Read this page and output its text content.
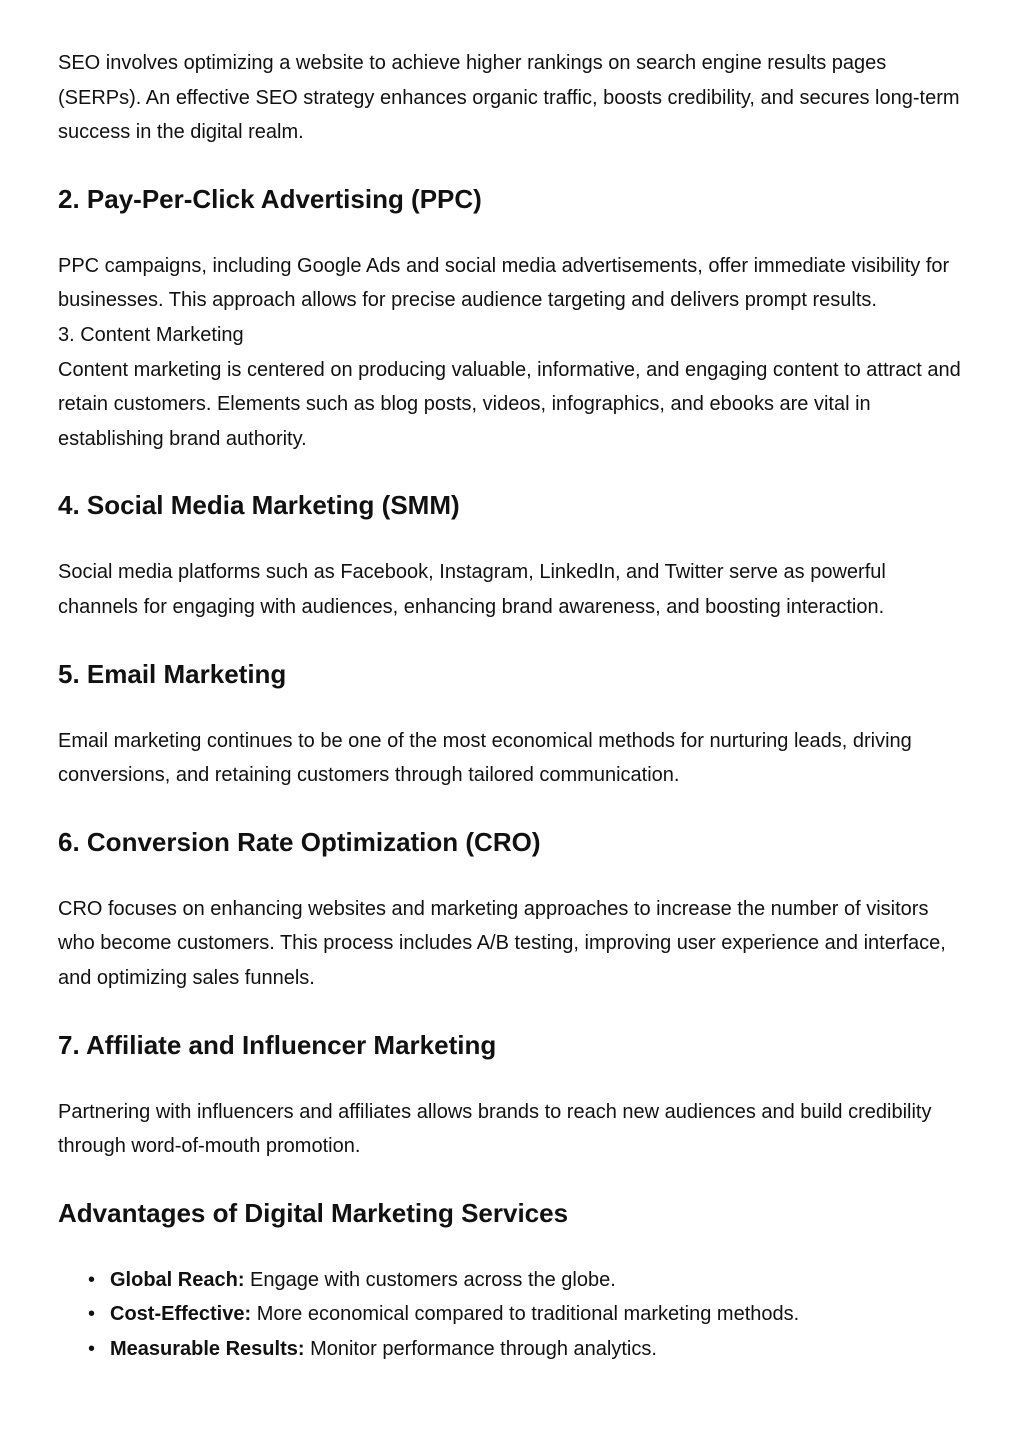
SEO involves optimizing a website to achieve higher rankings on search engine results pages (SERPs). An effective SEO strategy enhances organic traffic, boosts credibility, and secures long-term success in the digital realm.

2. Pay-Per-Click Advertising (PPC)

PPC campaigns, including Google Ads and social media advertisements, offer immediate visibility for businesses. This approach allows for precise audience targeting and delivers prompt results.

3. Content Marketing

Content marketing is centered on producing valuable, informative, and engaging content to attract and retain customers. Elements such as blog posts, videos, infographics, and ebooks are vital in establishing brand authority.

4. Social Media Marketing (SMM)

Social media platforms such as Facebook, Instagram, LinkedIn, and Twitter serve as powerful channels for engaging with audiences, enhancing brand awareness, and boosting interaction.

5. Email Marketing

Email marketing continues to be one of the most economical methods for nurturing leads, driving conversions, and retaining customers through tailored communication.

6. Conversion Rate Optimization (CRO)

CRO focuses on enhancing websites and marketing approaches to increase the number of visitors who become customers. This process includes A/B testing, improving user experience and interface, and optimizing sales funnels.

7. Affiliate and Influencer Marketing

Partnering with influencers and affiliates allows brands to reach new audiences and build credibility through word-of-mouth promotion.

Advantages of Digital Marketing Services
• Global Reach: Engage with customers across the globe.
• Cost-Effective: More economical compared to traditional marketing methods.
• Measurable Results: Monitor performance through analytics.
